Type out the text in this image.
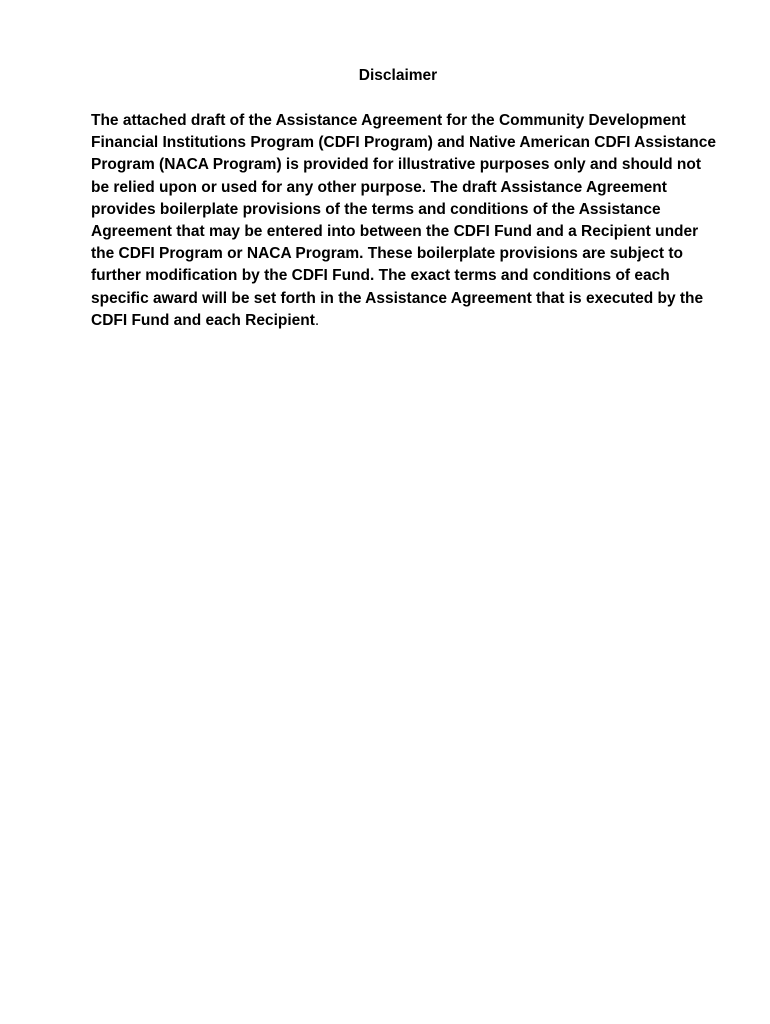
Disclaimer

The attached draft of the Assistance Agreement for the Community Development
Financial Institutions Program (CDFI Program) and Native American CDFI Assistance
Program (NACA Program) is provided for illustrative purposes only and should not
be relied upon or used for any other purpose. The draft Assistance Agreement
provides boilerplate provisions of the terms and conditions of the Assistance
Agreement that may be entered into between the CDFI Fund and a Recipient under
the CDFI Program or NACA Program. These boilerplate provisions are subject to
further modification by the CDFI Fund. The exact terms and conditions of each
specific award will be set forth in the Assistance Agreement that is executed by the
CDFI Fund and each Recipient.
